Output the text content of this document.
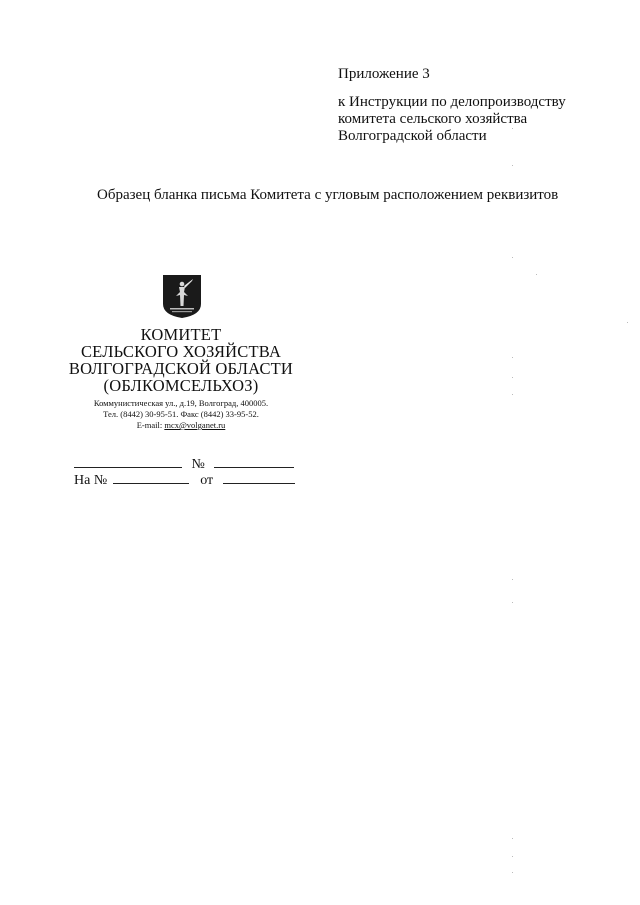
Приложение 3
к Инструкции по делопроизводству
комитета сельского хозяйства
Волгоградской области
Образец бланка письма Комитета с угловым расположением реквизитов
КОМИТЕТ
СЕЛЬСКОГО ХОЗЯЙСТВА
ВОЛГОГРАДСКОЙ ОБЛАСТИ
(ОБЛКОМСЕЛЬХОЗ)
Коммунистическая ул., д.19, Волгоград, 400005.
Тел. (8442) 30-95-51. Факс (8442) 33-95-52.
E-mail: mcx@volganet.ru
№
На №	от
